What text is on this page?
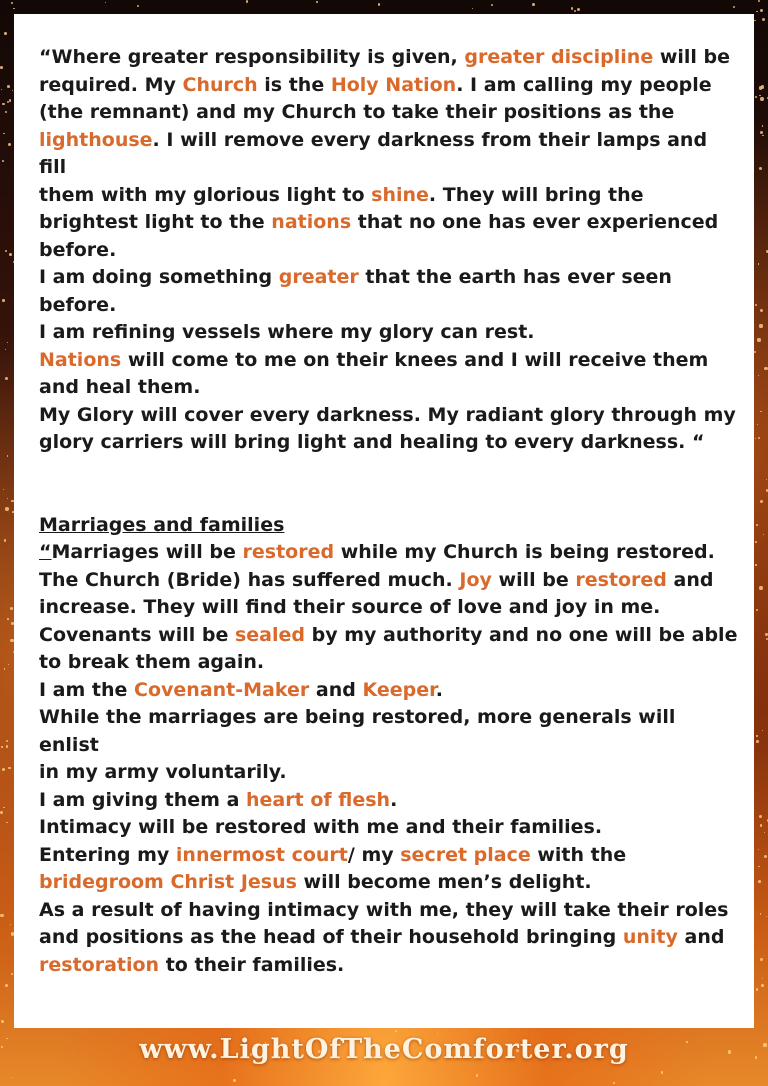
“Where greater responsibility is given, greater discipline will be
required. My Church is the Holy Nation. I am calling my people
(the remnant) and my Church to take their positions as the
lighthouse. I will remove every darkness from their lamps and fill
them with my glorious light to shine. They will bring the
brightest light to the nations that no one has ever experienced
before.
I am doing something greater that the earth has ever seen before.
I am refining vessels where my glory can rest.
Nations will come to me on their knees and I will receive them
and heal them.
My Glory will cover every darkness. My radiant glory through my
glory carriers will bring light and healing to every darkness. “
Marriages and families
“Marriages will be restored while my Church is being restored.
The Church (Bride) has suffered much. Joy will be restored and
increase. They will find their source of love and joy in me.
Covenants will be sealed by my authority and no one will be able
to break them again.
I am the Covenant-Maker and Keeper.
While the marriages are being restored, more generals will enlist
in my army voluntarily.
I am giving them a heart of flesh.
Intimacy will be restored with me and their families.
Entering my innermost court/ my secret place with the
bridegroom Christ Jesus will become men’s delight.
As a result of having intimacy with me, they will take their roles
and positions as the head of their household bringing unity and
restoration to their families.
www.LightOfTheComforter.org
